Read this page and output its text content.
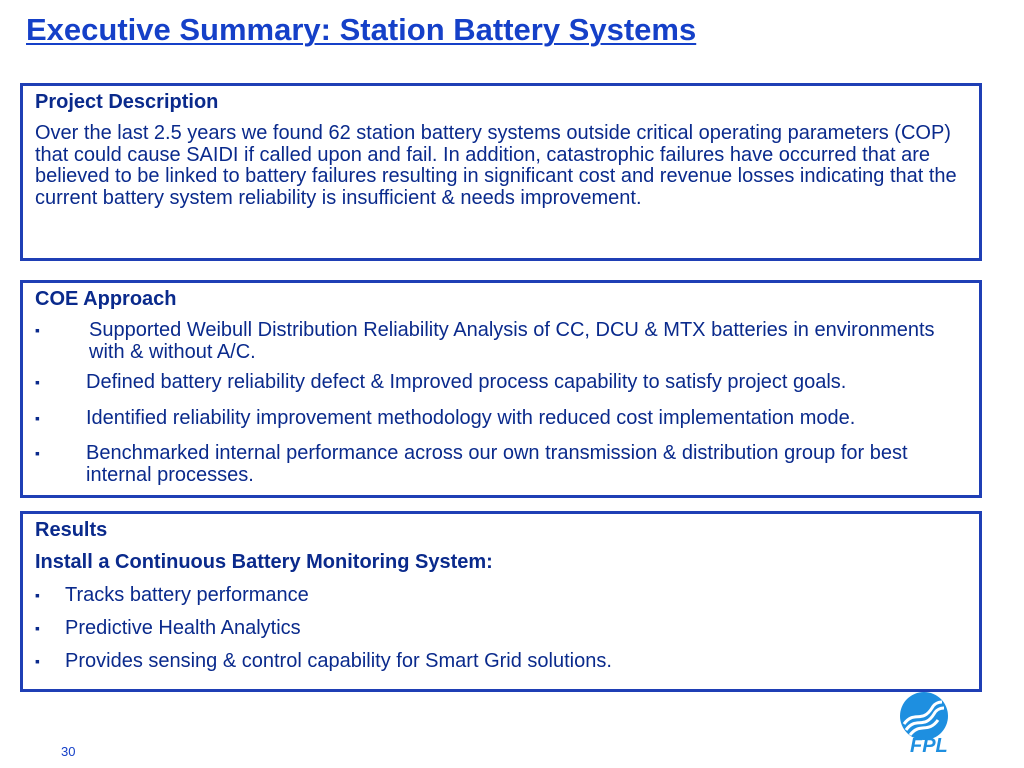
Executive Summary: Station Battery Systems
Project Description
Over the last 2.5 years we found 62 station battery systems outside critical operating parameters (COP) that could cause SAIDI if called upon and fail. In addition, catastrophic failures have occurred that are believed to be linked to battery failures resulting in significant cost and revenue losses indicating that the current battery system reliability is insufficient & needs improvement.
COE Approach
▪ Supported Weibull Distribution Reliability Analysis of CC, DCU & MTX batteries in environments with & without A/C.
▪ Defined battery reliability defect & Improved process capability to satisfy project goals.
▪ Identified reliability improvement methodology with reduced cost implementation mode.
▪ Benchmarked internal performance across our own transmission & distribution group for best internal processes.
Results
Install a Continuous Battery Monitoring System:
▪ Tracks battery performance
▪ Predictive Health Analytics
▪ Provides sensing & control capability for Smart Grid solutions.
30	FPL
